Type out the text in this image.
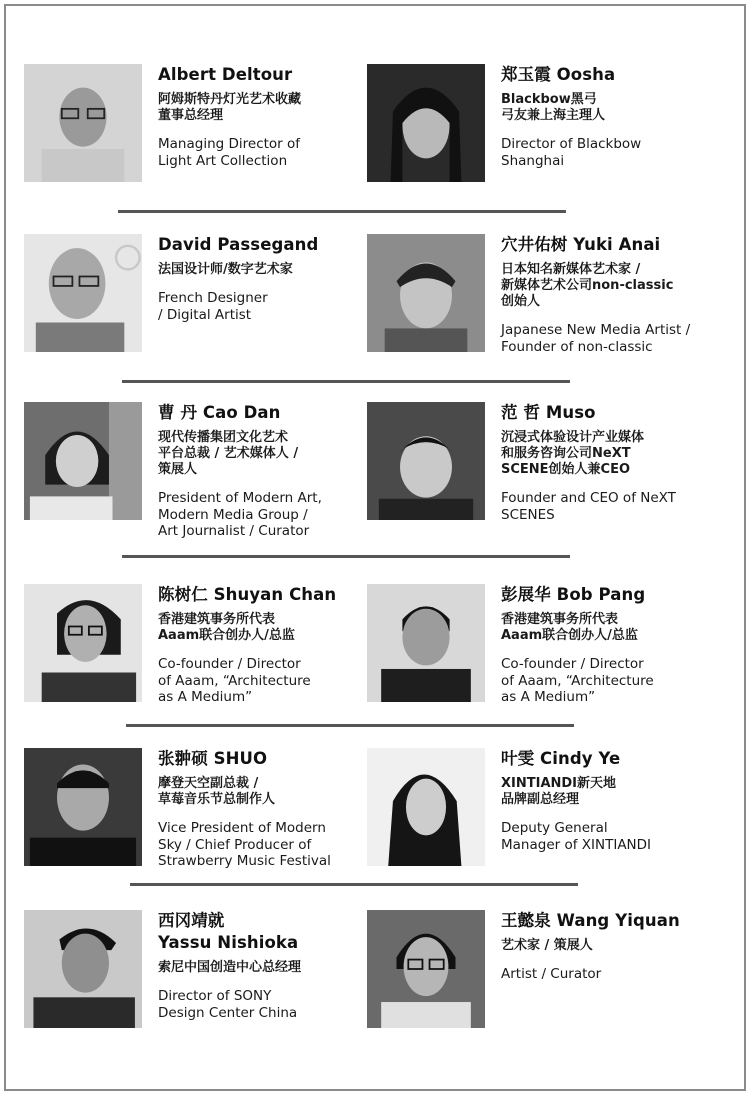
Albert Deltour
阿姆斯特丹灯光艺术收藏
董事总经理
Managing Director of
Light Art Collection
郑玉霞 Oosha
Blackbow黑弓
弓友兼上海主理人
Director of Blackbow
Shanghai
David Passegand
法国设计师/数字艺术家
French Designer
/ Digital Artist
穴井佑树 Yuki Anai
日本知名新媒体艺术家 /
新媒体艺术公司non-classic
创始人
Japanese New Media Artist /
Founder of non-classic
曹 丹 Cao Dan
现代传播集团文化艺术
平台总裁 / 艺术媒体人 /
策展人
President of Modern Art,
Modern Media Group /
Art Journalist / Curator
范 哲 Muso
沉浸式体验设计产业媒体
和服务咨询公司NeXT
SCENE创始人兼CEO
Founder and CEO of NeXT
SCENES
陈树仁 Shuyan Chan
香港建筑事务所代表
Aaam联合创办人/总监
Co-founder / Director
of Aaam, “Architecture
as A Medium”
彭展华 Bob Pang
香港建筑事务所代表
Aaam联合创办人/总监
Co-founder / Director
of Aaam, “Architecture
as A Medium”
张翀硕 SHUO
摩登天空副总裁 /
草莓音乐节总制作人
Vice President of Modern
Sky / Chief Producer of
Strawberry Music Festival
叶雯 Cindy Ye
XINTIANDI新天地
品牌副总经理
Deputy General
Manager of XINTIANDI
西冈靖就
Yassu Nishioka
索尼中国创造中心总经理
Director of SONY
Design Center China
王懿泉 Wang Yiquan
艺术家 / 策展人
Artist / Curator
